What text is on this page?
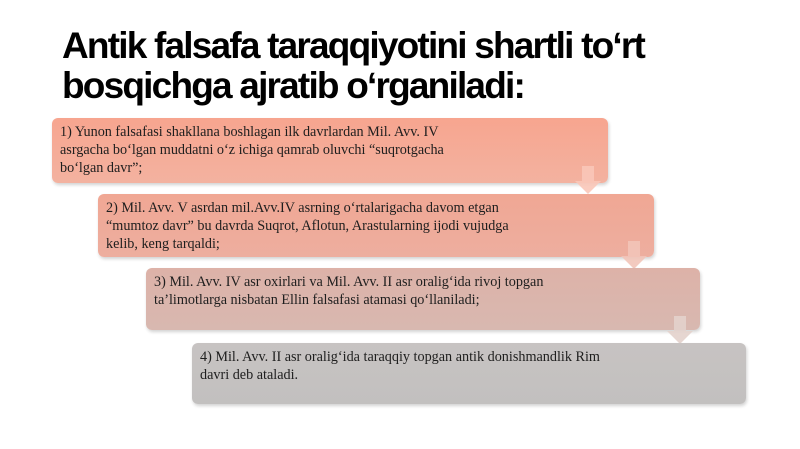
Antik falsafa taraqqiyotini shartli to‘rt
bosqichga ajratib o‘rganiladi:
1) Yunon falsafasi shakllana boshlagan ilk davrlardan Mil. Avv. IV
asrgacha bo‘lgan muddatni o‘z ichiga qamrab oluvchi “suqrotgacha
bo‘lgan davr”;
2) Mil. Avv. V asrdan mil.Avv.IV asrning o‘rtalarigacha davom etgan
“mumtoz davr” bu davrda Suqrot, Aflotun, Arastularning ijodi vujudga
kelib, keng tarqaldi;
3) Mil. Avv. IV asr oxirlari va Mil. Avv. II asr oralig‘ida rivoj topgan
ta’limotlarga nisbatan Ellin falsafasi atamasi qo‘llaniladi;
4) Mil. Avv. II asr oralig‘ida taraqqiy topgan antik donishmandlik Rim
davri deb ataladi.
